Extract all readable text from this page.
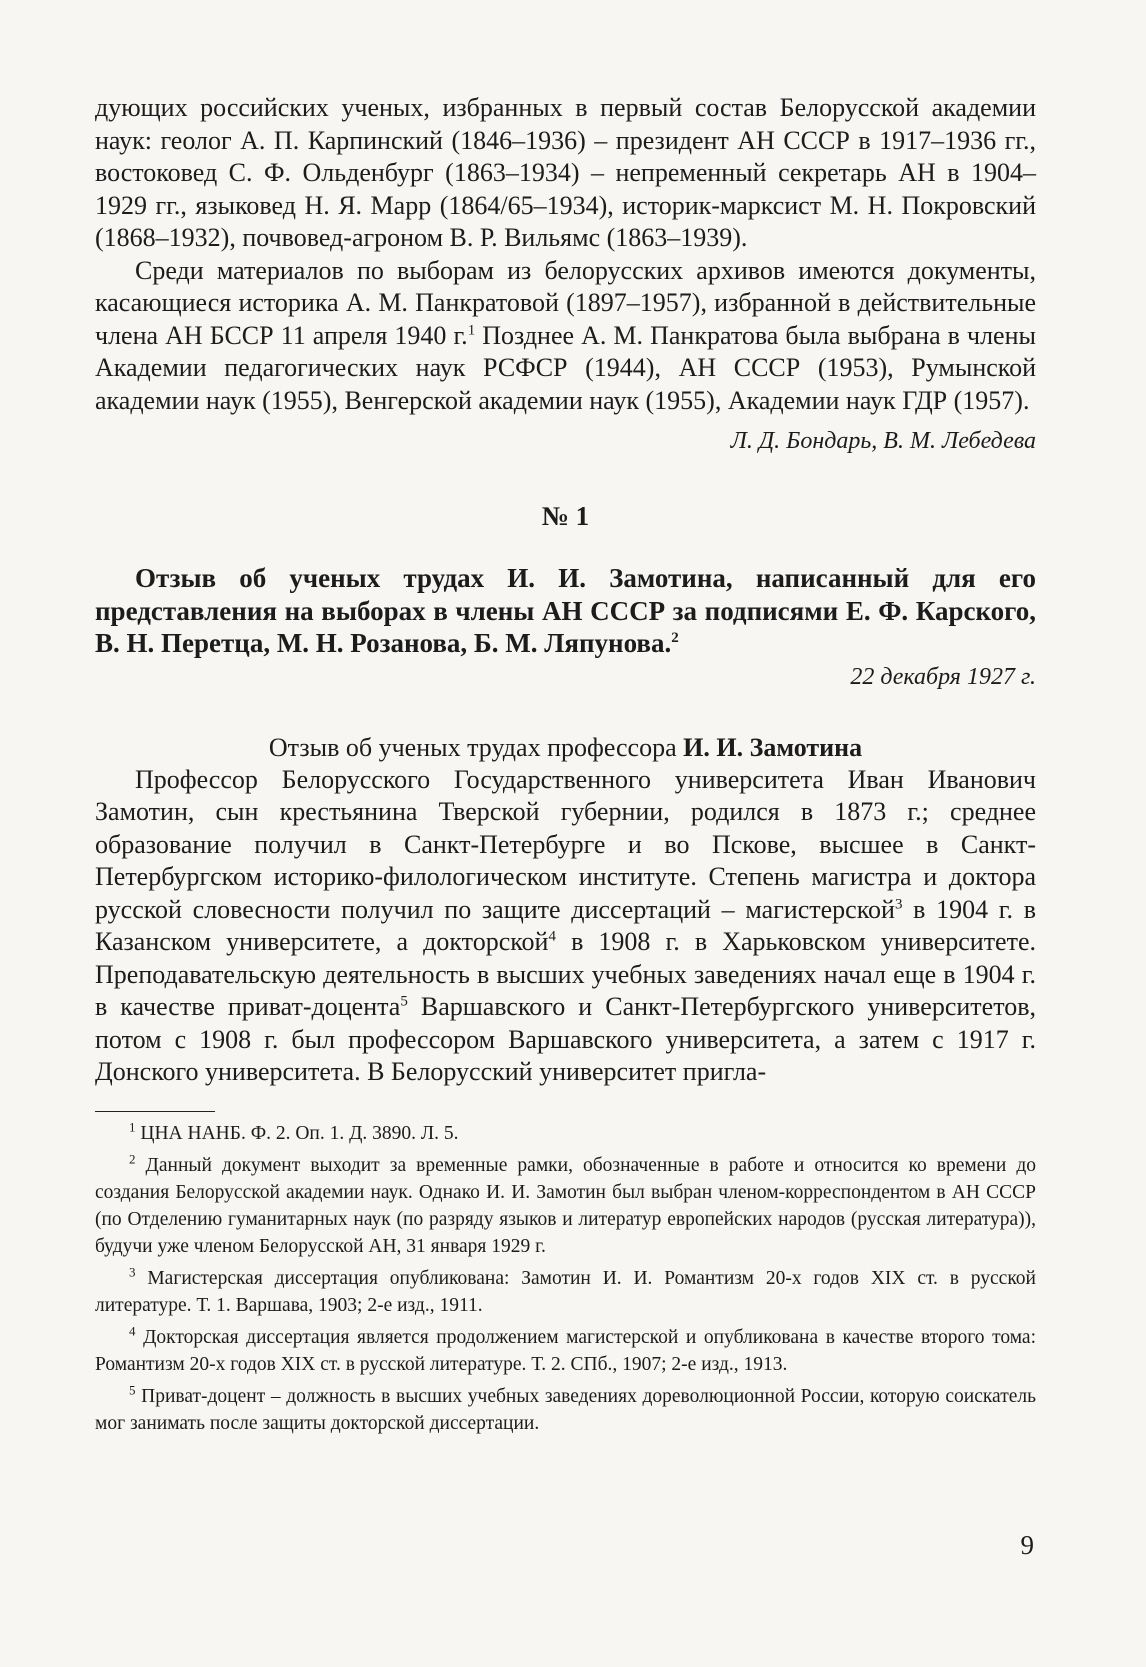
дующих российских ученых, избранных в первый состав Белорусской академии наук: геолог А. П. Карпинский (1846–1936) – президент АН СССР в 1917–1936 гг., востоковед С. Ф. Ольденбург (1863–1934) – непременный секретарь АН в 1904–1929 гг., языковед Н. Я. Марр (1864/65–1934), историк-марксист М. Н. Покровский (1868–1932), почвовед-агроном В. Р. Вильямс (1863–1939).

Среди материалов по выборам из белорусских архивов имеются документы, касающиеся историка А. М. Панкратовой (1897–1957), избранной в действительные члена АН БССР 11 апреля 1940 г.$^1$ Позднее А. М. Панкратова была выбрана в члены Академии педагогических наук РСФСР (1944), АН СССР (1953), Румынской академии наук (1955), Венгерской академии наук (1955), Академии наук ГДР (1957).

Л. Д. Бондарь, В. М. Лебедева

№ 1

Отзыв об ученых трудах И. И. Замотина, написанный для его представления на выборах в члены АН СССР за подписями Е. Ф. Карского, В. Н. Перетца, М. Н. Розанова, Б. М. Ляпунова.$^2$

22 декабря 1927 г.

Отзыв об ученых трудах профессора И. И. Замотина

Профессор Белорусского Государственного университета Иван Иванович Замотин, сын крестьянина Тверской губернии, родился в 1873 г.; среднее образование получил в Санкт-Петербурге и во Пскове, высшее в Санкт-Петербургском историко-филологическом институте. Степень магистра и доктора русской словесности получил по защите диссертаций – магистерской$^3$ в 1904 г. в Казанском университете, а докторской$^4$ в 1908 г. в Харьковском университете. Преподавательскую деятельность в высших учебных заведениях начал еще в 1904 г. в качестве приват-доцента$^5$ Варшавского и Санкт-Петербургского университетов, потом с 1908 г. был профессором Варшавского университета, а затем с 1917 г. Донского университета. В Белорусский университет пригла-

$^1$ ЦНА НАНБ. Ф. 2. Оп. 1. Д. 3890. Л. 5.

$^2$ Данный документ выходит за временные рамки, обозначенные в работе и относится ко времени до создания Белорусской академии наук. Однако И. И. Замотин был выбран членом-корреспондентом в АН СССР (по Отделению гуманитарных наук (по разряду языков и литератур европейских народов (русская литература)), будучи уже членом Белорусской АН, 31 января 1929 г.

$^3$ Магистерская диссертация опубликована: Замотин И. И. Романтизм 20-х годов XIX ст. в русской литературе. Т. 1. Варшава, 1903; 2-е изд., 1911.

$^4$ Докторская диссертация является продолжением магистерской и опубликована в качестве второго тома: Романтизм 20-х годов XIX ст. в русской литературе. Т. 2. СПб., 1907; 2-е изд., 1913.

$^5$ Приват-доцент – должность в высших учебных заведениях дореволюционной России, которую соискатель мог занимать после защиты докторской диссертации.

9
